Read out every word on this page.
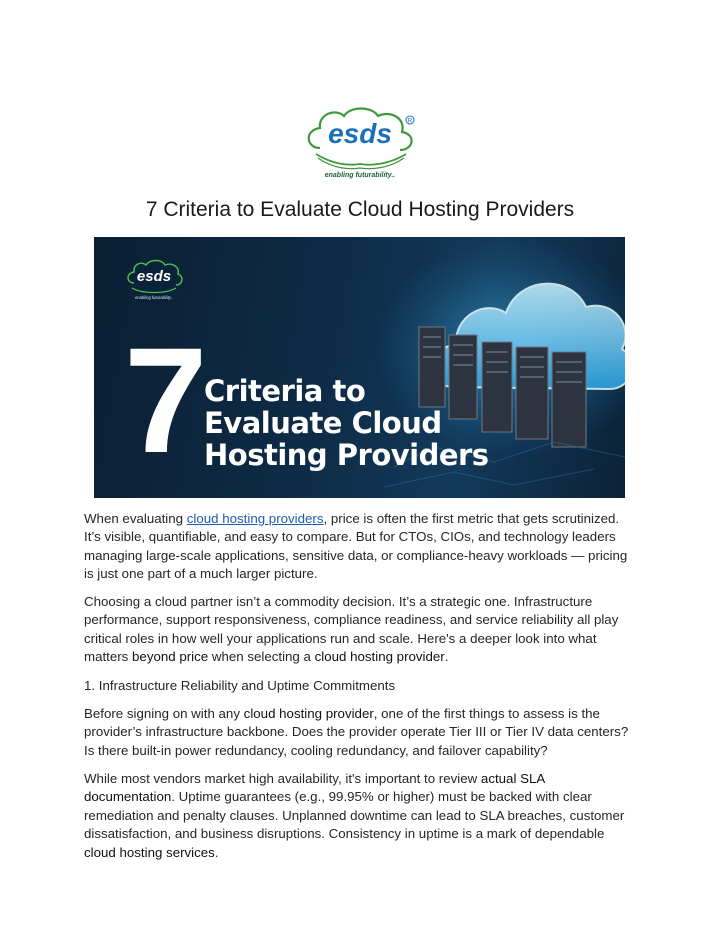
esds	R
enabling futurability..
7 Criteria to Evaluate Cloud Hosting Providers
esds
enabling futurability..
7 Criteria to
Evaluate Cloud
Hosting Providers

When evaluating cloud hosting providers, price is often the first metric that gets scrutinized. It’s visible, quantifiable, and easy to compare. But for CTOs, CIOs, and technology leaders managing large-scale applications, sensitive data, or compliance-heavy workloads — pricing is just one part of a much larger picture.

Choosing a cloud partner isn’t a commodity decision. It’s a strategic one. Infrastructure performance, support responsiveness, compliance readiness, and service reliability all play critical roles in how well your applications run and scale. Here's a deeper look into what matters beyond price when selecting a cloud hosting provider.

1. Infrastructure Reliability and Uptime Commitments

Before signing on with any cloud hosting provider, one of the first things to assess is the provider’s infrastructure backbone. Does the provider operate Tier III or Tier IV data centers? Is there built-in power redundancy, cooling redundancy, and failover capability?

While most vendors market high availability, it's important to review actual SLA documentation. Uptime guarantees (e.g., 99.95% or higher) must be backed with clear remediation and penalty clauses. Unplanned downtime can lead to SLA breaches, customer dissatisfaction, and business disruptions. Consistency in uptime is a mark of dependable cloud hosting services.
